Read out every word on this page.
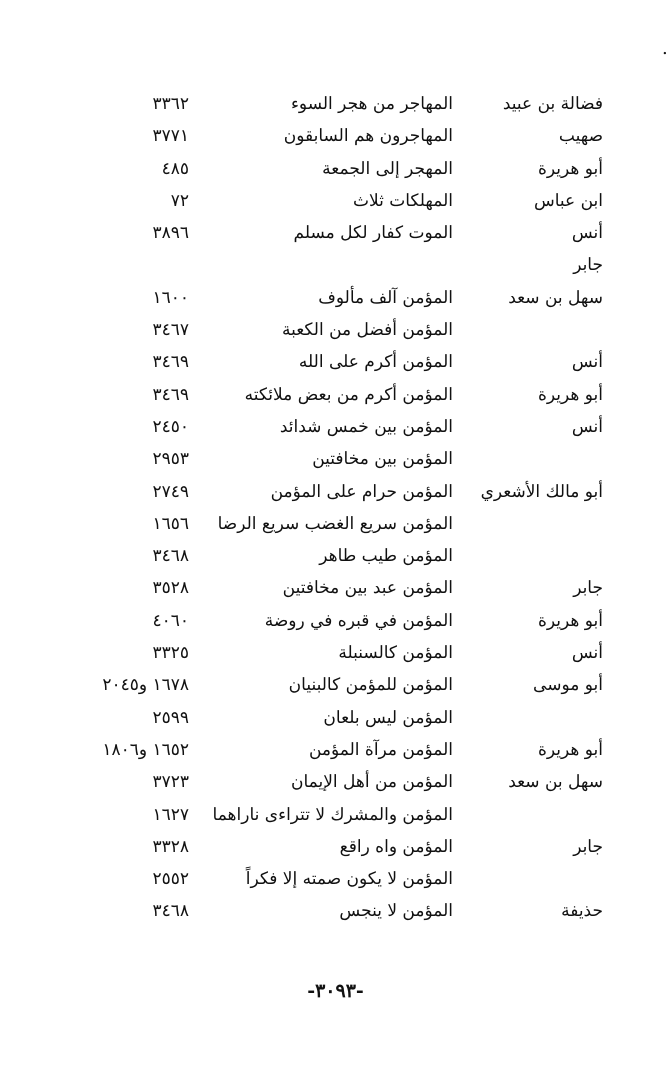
.
فضالة بن عبيد
المهاجر من هجر السوء
٣٣٦٢
صهيب
المهاجرون هم السابقون
٣٧٧١
أبو هريرة
المهجر إلى الجمعة
٤٨٥
ابن عباس
المهلكات ثلاث
٧٢
أنس
الموت كفار لكل مسلم
٣٨٩٦
جابر
سهل بن سعد
المؤمن آلف مألوف
١٦٠٠
المؤمن أفضل من الكعبة
٣٤٦٧
أنس
المؤمن أكرم على الله
٣٤٦٩
أبو هريرة
المؤمن أكرم من بعض ملائكته
٣٤٦٩
أنس
المؤمن بين خمس شدائد
٢٤٥٠
المؤمن بين مخافتين
٢٩٥٣
أبو مالك الأشعري
المؤمن حرام على المؤمن
٢٧٤٩
المؤمن سريع الغضب سريع الرضا
١٦٥٦
المؤمن طيب طاهر
٣٤٦٨
جابر
المؤمن عبد بين مخافتين
٣٥٢٨
أبو هريرة
المؤمن في قبره في روضة
٤٠٦٠
أنس
المؤمن كالسنبلة
٣٣٢٥
أبو موسى
المؤمن للمؤمن كالبنيان
١٦٧٨ و٢٠٤٥
المؤمن ليس بلعان
٢٥٩٩
أبو هريرة
المؤمن مرآة المؤمن
١٦٥٢ و١٨٠٦
سهل بن سعد
المؤمن من أهل الإيمان
٣٧٢٣
المؤمن والمشرك لا تتراءى ناراهما
١٦٢٧
جابر
المؤمن واه راقع
٣٣٢٨
المؤمن لا يكون صمته إلا فكراً
٢٥٥٢
حذيفة
المؤمن لا ينجس
٣٤٦٨
-٣٠٩٣-
